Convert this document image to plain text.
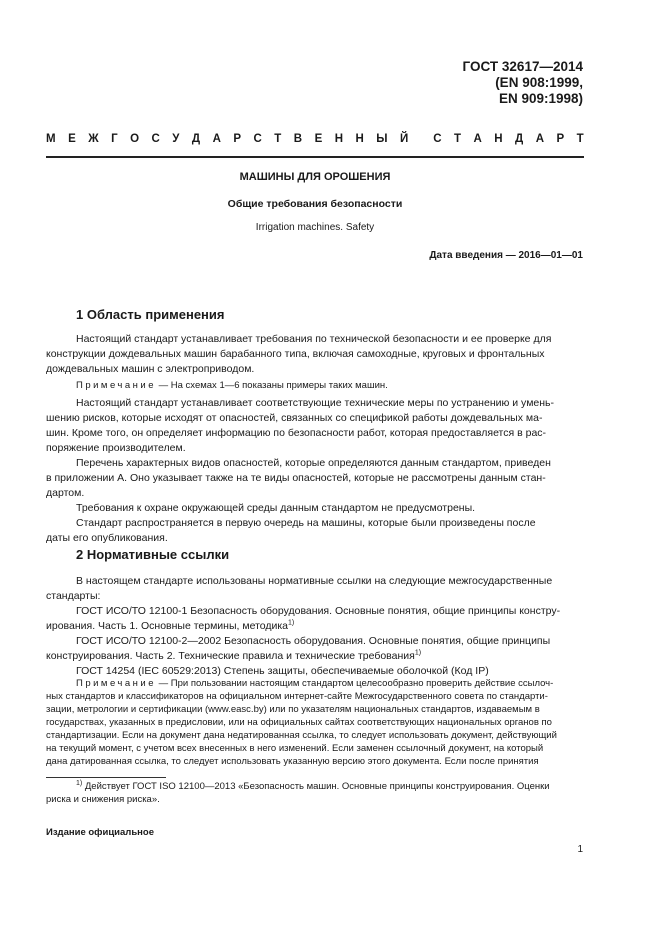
ГОСТ 32617—2014
(EN 908:1999,
EN 909:1998)
М Е Ж Г О С У Д А Р С Т В Е Н Н Ы Й С Т А Н Д А Р Т
МАШИНЫ ДЛЯ ОРОШЕНИЯ
Общие требования безопасности
Irrigation machines. Safety
Дата введения — 2016—01—01
1 Область применения

Настоящий стандарт устанавливает требования по технической безопасности и ее проверке для

конструкции дождевальных машин барабанного типа, включая самоходные, круговых и фронтальных

дождевальных машин с электроприводом.

Примечание — На схемах 1—6 показаны примеры таких машин.

Настоящий стандарт устанавливает соответствующие технические меры по устранению и умень-

шению рисков, которые исходят от опасностей, связанных со спецификой работы дождевальных ма-

шин. Кроме того, он определяет информацию по безопасности работ, которая предоставляется в рас-

поряжение производителем.

Перечень характерных видов опасностей, которые определяются данным стандартом, приведен

в приложении А. Оно указывает также на те виды опасностей, которые не рассмотрены данным стан-

дартом.

Требования к охране окружающей среды данным стандартом не предусмотрены.

Стандарт распространяется в первую очередь на машины, которые были произведены после

даты его опубликования.

2 Нормативные ссылки

В настоящем стандарте использованы нормативные ссылки на следующие межгосударственные

стандарты:

ГОСТ ИСО/ТО 12100-1 Безопасность оборудования. Основные понятия, общие принципы констру-

ирования. Часть 1. Основные термины, методика$^{1)}$

ГОСТ ИСО/ТО 12100-2—2002 Безопасность оборудования. Основные понятия, общие принципы

конструирования. Часть 2. Технические правила и технические требования$^{1)}$

ГОСТ 14254 (IEC 60529:2013) Степень защиты, обеспечиваемые оболочкой (Код IP)

Примечание — При пользовании настоящим стандартом целесообразно проверить действие ссылоч-

ных стандартов и классификаторов на официальном интернет-сайте Межгосударственного совета по стандарти-

зации, метрологии и сертификации (www.easc.by) или по указателям национальных стандартов, издаваемым в

государствах, указанных в предисловии, или на официальных сайтах соответствующих национальных органов по

стандартизации. Если на документ дана недатированная ссылка, то следует использовать документ, действующий

на текущий момент, с учетом всех внесенных в него изменений. Если заменен ссылочный документ, на который

дана датированная ссылка, то следует использовать указанную версию этого документа. Если после принятия

$^{1)}$ Действует ГОСТ ISO 12100—2013 «Безопасность машин. Основные принципы конструирования. Оценки

риска и снижения риска».

Издание официальное
1
